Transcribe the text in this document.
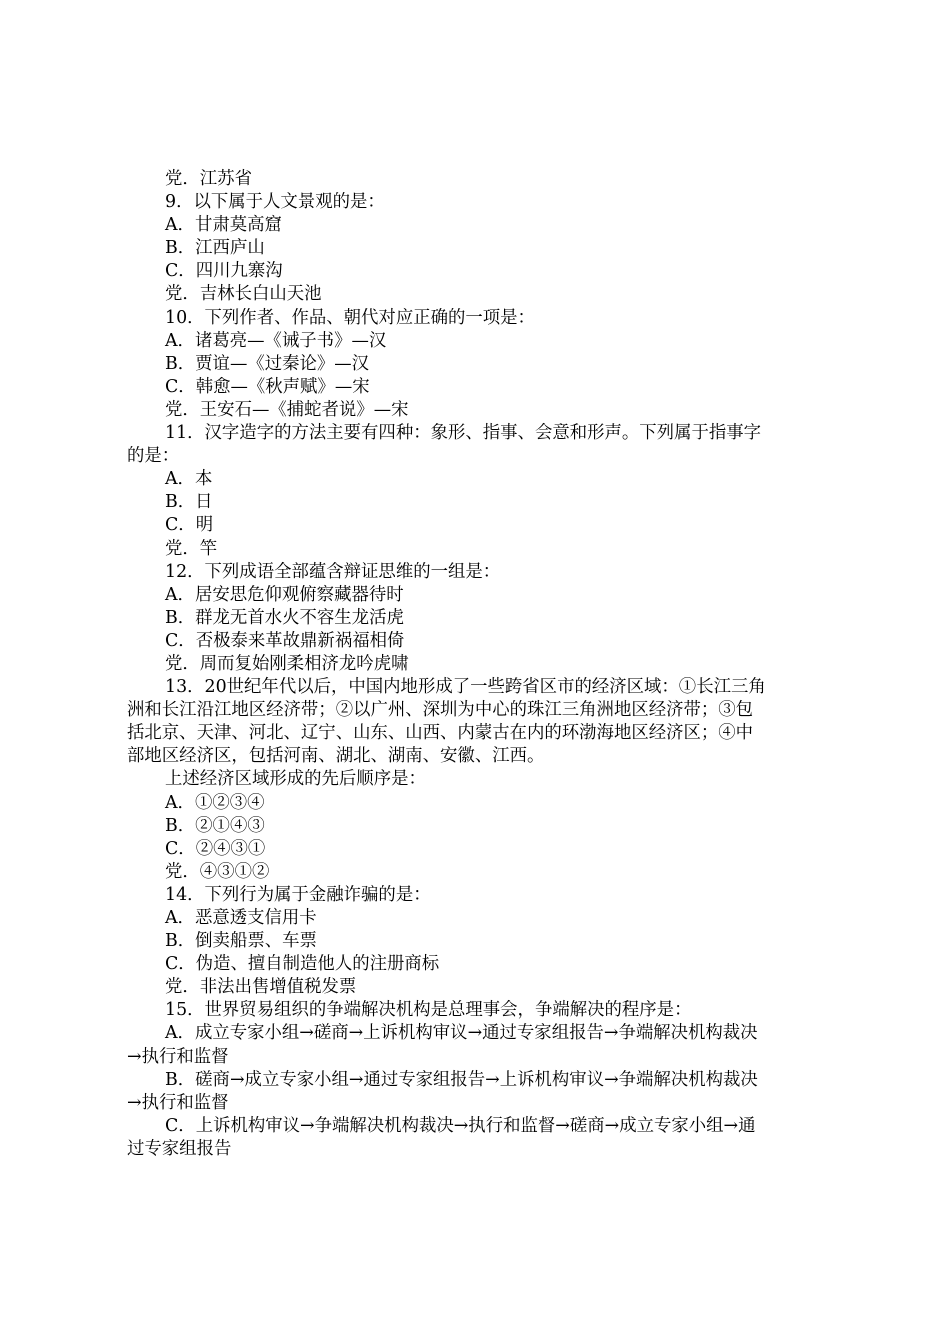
党．江苏省
9．以下属于人文景观的是：
A．甘肃莫高窟
B．江西庐山
C．四川九寨沟
党．吉林长白山天池
10．下列作者、作品、朝代对应正确的一项是：
A．诸葛亮—《诫子书》—汉
B．贾谊—《过秦论》—汉
C．韩愈—《秋声赋》—宋
党．王安石—《捕蛇者说》—宋
11．汉字造字的方法主要有四种：象形、指事、会意和形声。下列属于指事字
的是：
A．本
B．日
C．明
党．竿
12．下列成语全部蕴含辩证思维的一组是：
A．居安思危仰观俯察藏器待时
B．群龙无首水火不容生龙活虎
C．否极泰来革故鼎新祸福相倚
党．周而复始刚柔相济龙吟虎啸
13．20世纪年代以后，中国内地形成了一些跨省区市的经济区域：①长江三角
洲和长江沿江地区经济带；②以广州、深圳为中心的珠江三角洲地区经济带；③包
括北京、天津、河北、辽宁、山东、山西、内蒙古在内的环渤海地区经济区；④中
部地区经济区，包括河南、湖北、湖南、安徽、江西。
上述经济区域形成的先后顺序是：
A．①②③④
B．②①④③
C．②④③①
党．④③①②
14．下列行为属于金融诈骗的是：
A．恶意透支信用卡
B．倒卖船票、车票
C．伪造、擅自制造他人的注册商标
党．非法出售增值税发票
15．世界贸易组织的争端解决机构是总理事会，争端解决的程序是：
A．成立专家小组→磋商→上诉机构审议→通过专家组报告→争端解决机构裁决
→执行和监督
B．磋商→成立专家小组→通过专家组报告→上诉机构审议→争端解决机构裁决
→执行和监督
C．上诉机构审议→争端解决机构裁决→执行和监督→磋商→成立专家小组→通
过专家组报告
